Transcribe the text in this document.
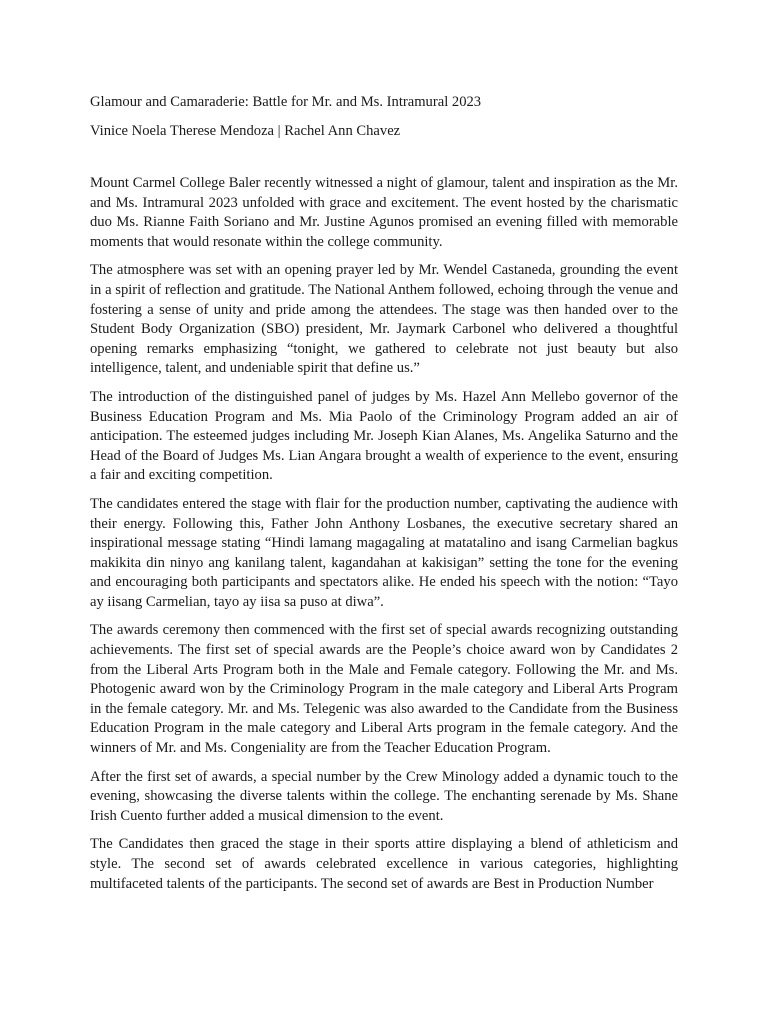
Glamour and Camaraderie: Battle for Mr. and Ms. Intramural 2023

Vinice Noela Therese Mendoza | Rachel Ann Chavez

Mount Carmel College Baler recently witnessed a night of glamour, talent and inspiration as the Mr. and Ms. Intramural 2023 unfolded with grace and excitement. The event hosted by the charismatic duo Ms. Rianne Faith Soriano and Mr. Justine Agunos promised an evening filled with memorable moments that would resonate within the college community.

The atmosphere was set with an opening prayer led by Mr. Wendel Castaneda, grounding the event in a spirit of reflection and gratitude. The National Anthem followed, echoing through the venue and fostering a sense of unity and pride among the attendees. The stage was then handed over to the Student Body Organization (SBO) president, Mr. Jaymark Carbonel who delivered a thoughtful opening remarks emphasizing “tonight, we gathered to celebrate not just beauty but also intelligence, talent, and undeniable spirit that define us.”

The introduction of the distinguished panel of judges by Ms. Hazel Ann Mellebo governor of the Business Education Program and Ms. Mia Paolo of the Criminology Program added an air of anticipation. The esteemed judges including Mr. Joseph Kian Alanes, Ms. Angelika Saturno and the Head of the Board of Judges Ms. Lian Angara brought a wealth of experience to the event, ensuring a fair and exciting competition.

The candidates entered the stage with flair for the production number, captivating the audience with their energy. Following this, Father John Anthony Losbanes, the executive secretary shared an inspirational message stating “Hindi lamang magagaling at matatalino and isang Carmelian bagkus makikita din ninyo ang kanilang talent, kagandahan at kakisigan” setting the tone for the evening and encouraging both participants and spectators alike. He ended his speech with the notion: “Tayo ay iisang Carmelian, tayo ay iisa sa puso at diwa”.

The awards ceremony then commenced with the first set of special awards recognizing outstanding achievements. The first set of special awards are the People’s choice award won by Candidates 2 from the Liberal Arts Program both in the Male and Female category. Following the Mr. and Ms. Photogenic award won by the Criminology Program in the male category and Liberal Arts Program in the female category. Mr. and Ms. Telegenic was also awarded to the Candidate from the Business Education Program in the male category and Liberal Arts program in the female category. And the winners of Mr. and Ms. Congeniality are from the Teacher Education Program.

After the first set of awards, a special number by the Crew Minology added a dynamic touch to the evening, showcasing the diverse talents within the college. The enchanting serenade by Ms. Shane Irish Cuento further added a musical dimension to the event.

The Candidates then graced the stage in their sports attire displaying a blend of athleticism and style. The second set of awards celebrated excellence in various categories, highlighting multifaceted talents of the participants. The second set of awards are Best in Production Number
